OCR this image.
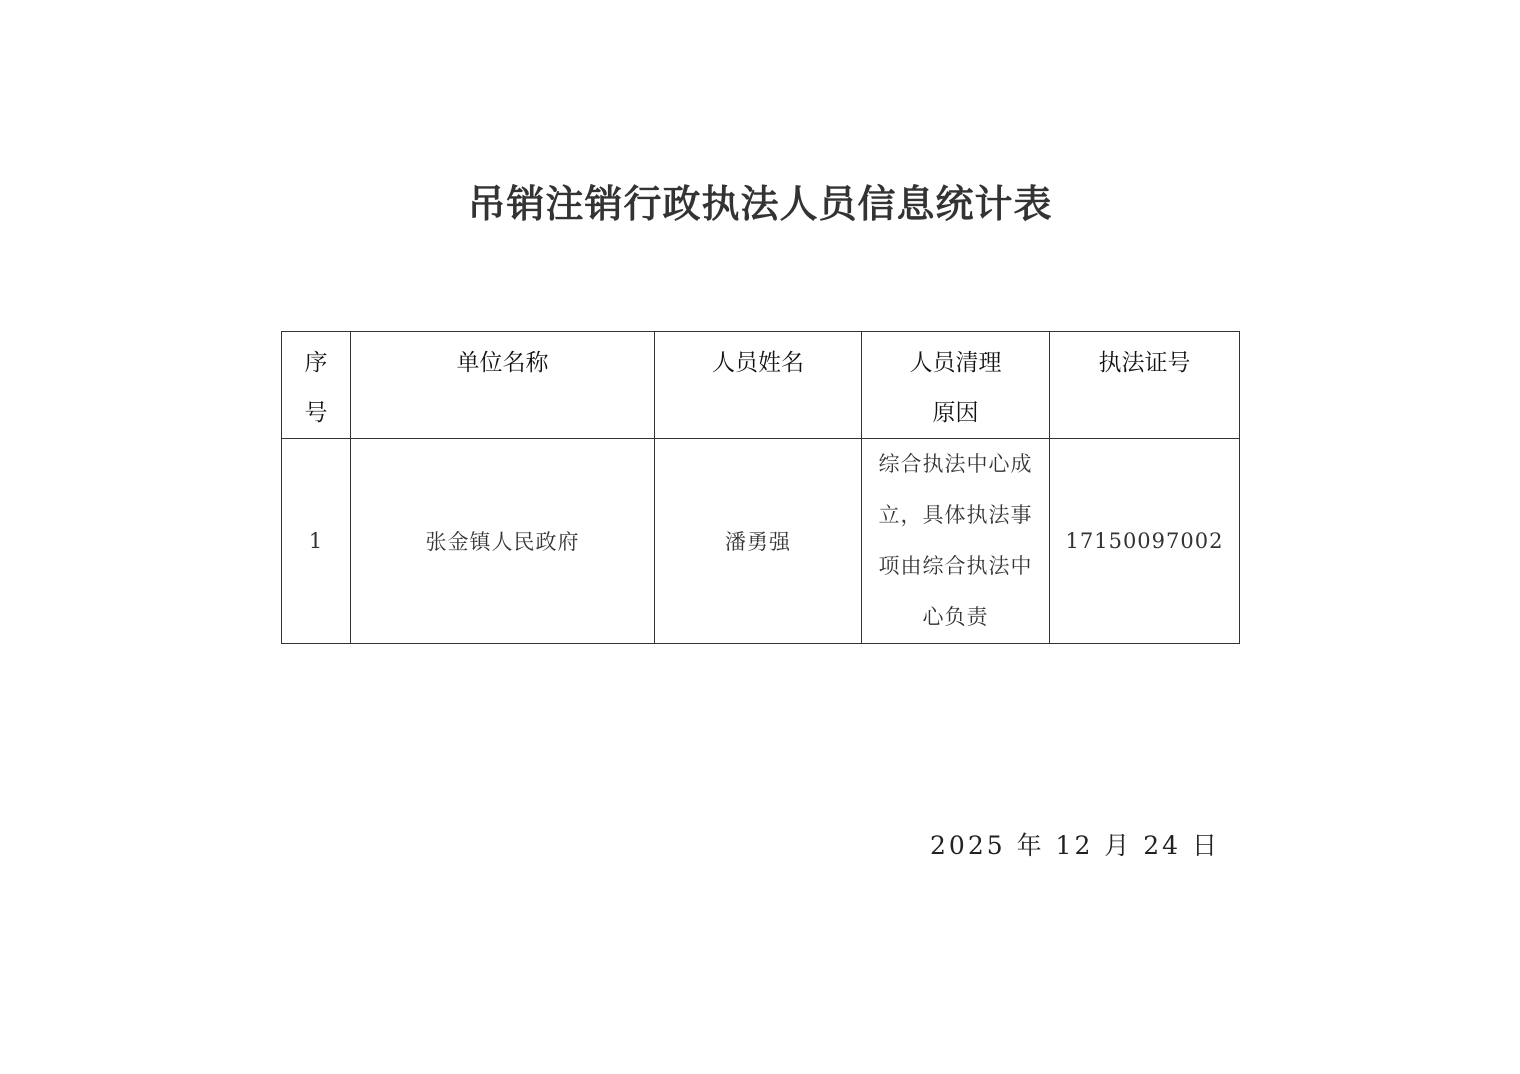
吊销注销行政执法人员信息统计表
序号	单位名称	人员姓名	人员清理原因	执法证号
1	张金镇人民政府	潘勇强	综合执法中心成立，具体执法事项由综合执法中心负责	17150097002
2025 年 12 月 24 日
